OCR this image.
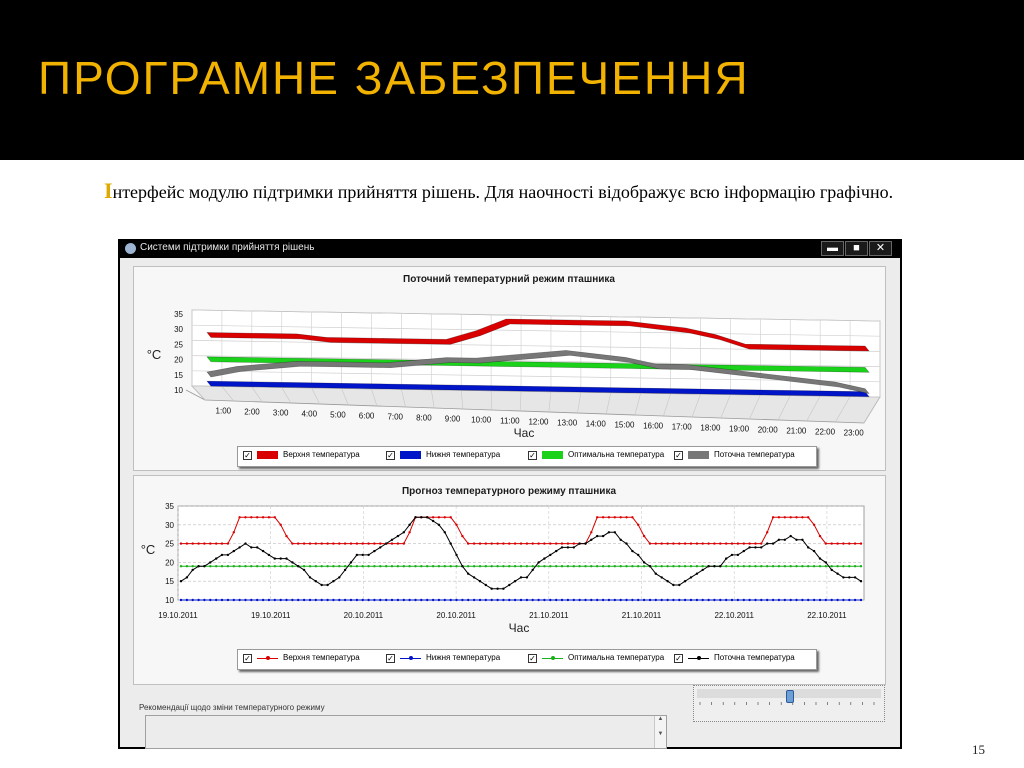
ПРОГРАМНЕ ЗАБЕЗПЕЧЕННЯ

Інтерфейс модулю підтримки прийняття рішень. Для наочності відображує всю інформацію графічно.

Системи підтримки прийняття рішень	▬	■	✕
10
15
20
25
30
35
1:00 2:00 3:00 4:00 5:00 6:00 7:00 8:00 9:00 10:00 11:00 12:00 13:00 14:00 15:00 16:00 17:00 18:00 19:00 20:00 21:00 22:00 23:00
Поточний температурний режим пташника
°C
Час
✓	Верхня температура	✓	Нижня температура	✓	Оптимальна температура ✓	Поточна температура
10
15
20
25
30
35
19.10.2011	19.10.2011	20.10.2011	20.10.2011	21.10.2011	21.10.2011	22.10.2011	22.10.2011
Прогноз температурного режиму пташника
°C
Час
✓	Верхня температура	✓	Нижня температура	✓	Оптимальна температура ✓	Поточна температура
Рекомендації щодо зміни температурного режиму
▲
▼
15
